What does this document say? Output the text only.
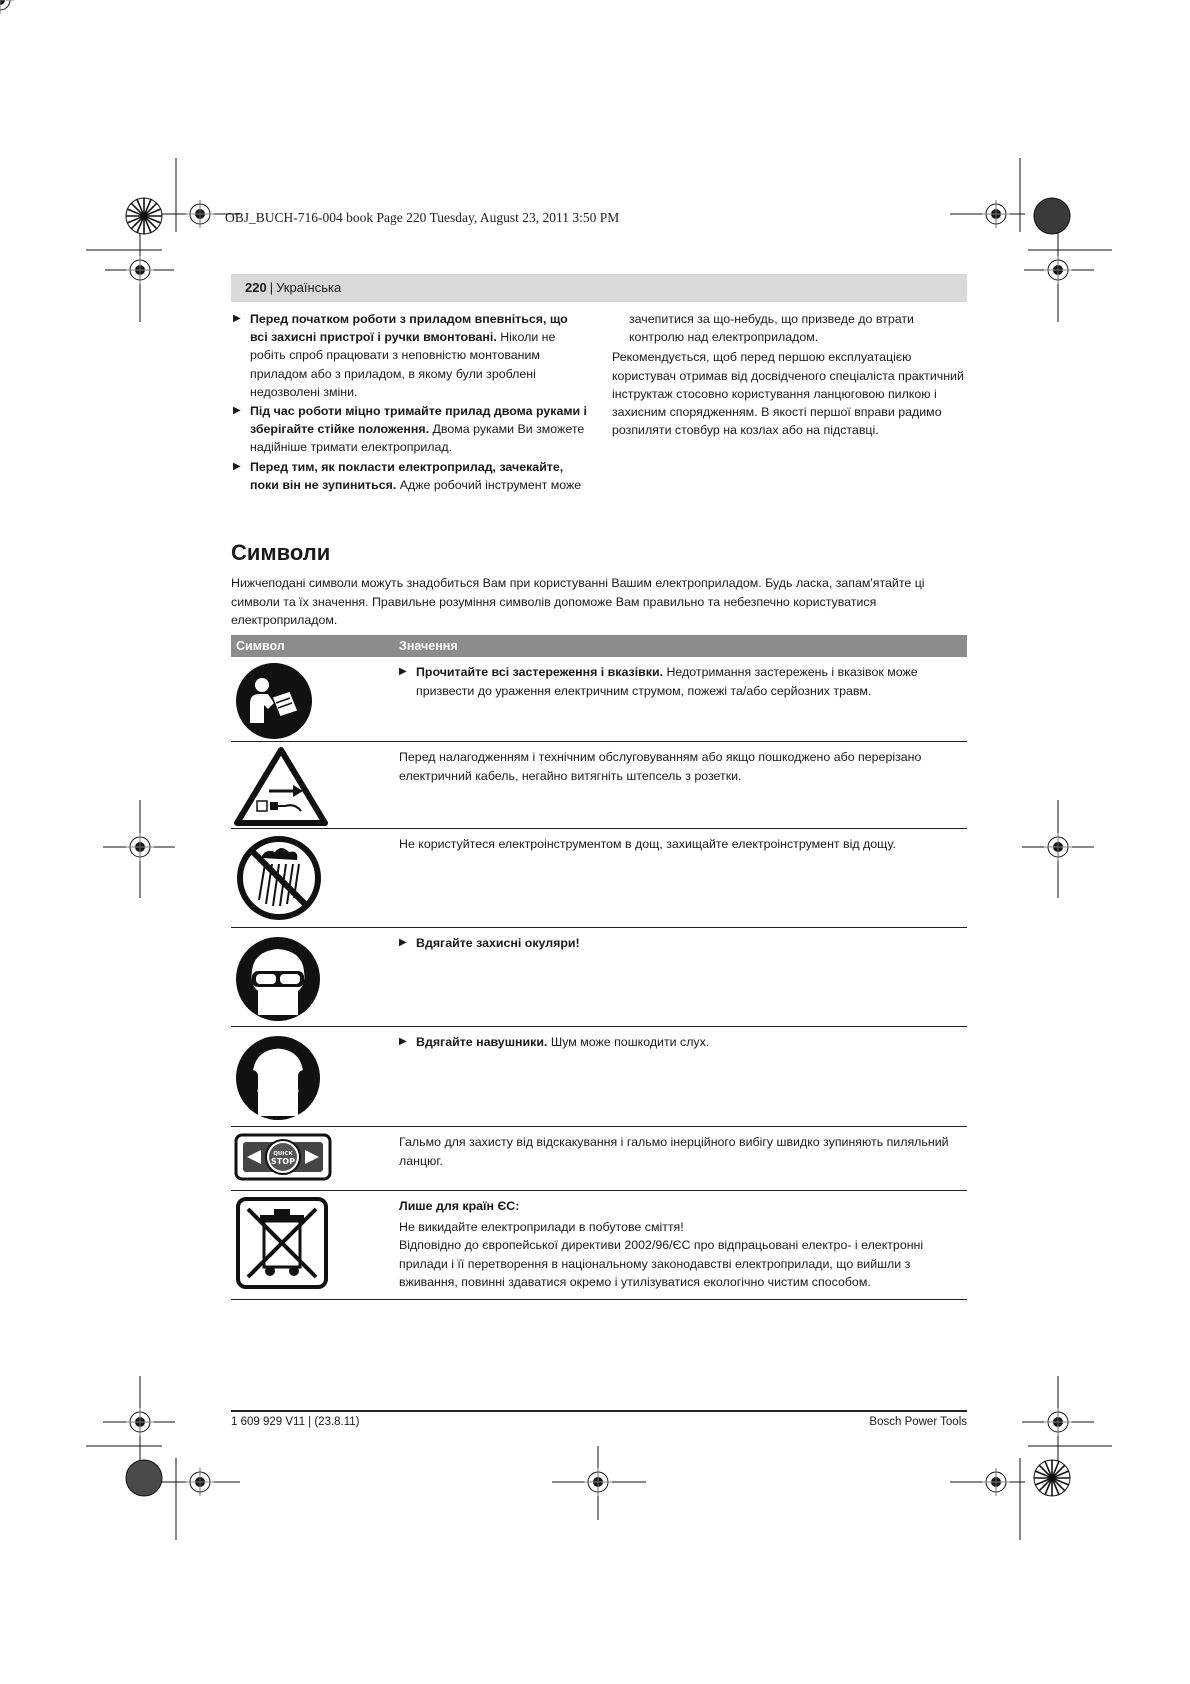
OBJ_BUCH-716-004 book Page 220 Tuesday, August 23, 2011 3:50 PM
220 | Українська

▶ Перед початком роботи з приладом впевніться, що всі захисні пристрої і ручки вмонтовані. Ніколи не робіть спроб працювати з неповністю монтованим приладом або з приладом, в якому були зроблені недозволені зміни.

▶ Під час роботи міцно тримайте прилад двома руками і зберігайте стійке положення. Двома руками Ви зможете надійніше тримати електроприлад.

▶ Перед тим, як покласти електроприлад, зачекайте, поки він не зупиниться. Адже робочий інструмент може

зачепитися за що-небудь, що призведе до втрати контролю над електроприладом.

Рекомендується, щоб перед першою експлуатацією користувач отримав від досвідченого спеціаліста практичний інструктаж стосовно користування ланцюговою пилкою і захисним спорядженням. В якості першої вправи радимо розпиляти стовбур на козлах або на підставці.

Символи
Нижчеподані символи можуть знадобиться Вам при користуванні Вашим електроприладом. Будь ласка, запам'ятайте ці символи та їх значення. Правильне розуміння символів допоможе Вам правильно та небезпечно користуватися електроприладом.
Символ	Значення

▶ Прочитайте всі застереження і вказівки. Недотримання застережень і вказівок може призвести до ураження електричним струмом, пожежі та/або серйозних травм.

Перед налагодженням і технічним обслуговуванням або якщо пошкоджено або перерізано електричний кабель, негайно витягніть штепсель з розетки.

Не користуйтеся електроінструментом в дощ, захищайте електроінструмент від дощу.

▶ Вдягайте захисні окуляри!

▶ Вдягайте навушники. Шум може пошкодити слух.

QUICK
STOP

Гальмо для захисту від відскакування і гальмо інерційного вибігу швидко зупиняють пиляльний ланцюг.

Лише для країн ЄС:

Не викидайте електроприлади в побутове сміття!

Відповідно до європейської директиви 2002/96/ЄС про відпрацьовані електро- і електронні прилади і її перетворення в національному законодавстві електроприлади, що вийшли з вживання, повинні здаватися окремо і утилізуватися екологічно чистим способом.

1 609 929 V11 | (23.8.11)	Bosch Power Tools
